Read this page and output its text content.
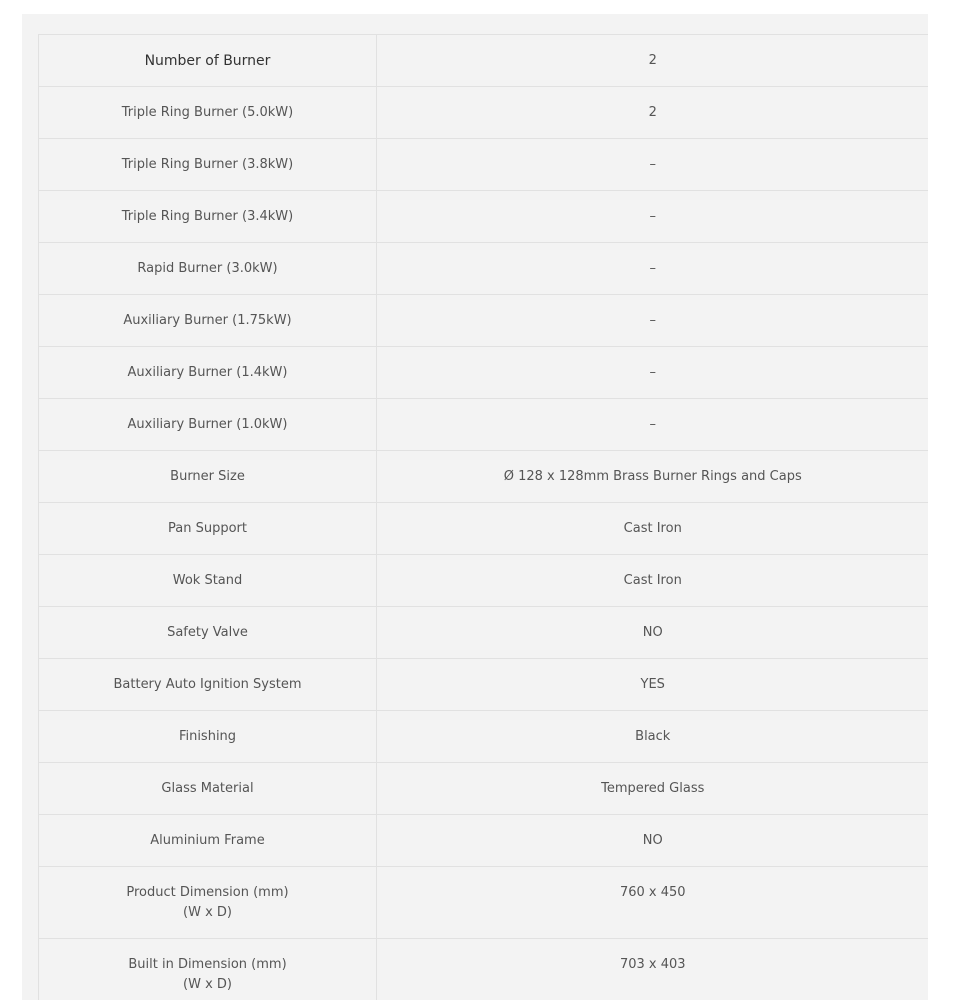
Number of Burner	2
Triple Ring Burner (5.0kW)	2
Triple Ring Burner (3.8kW)	–
Triple Ring Burner (3.4kW)	–
Rapid Burner (3.0kW)	–
Auxiliary Burner (1.75kW)	–
Auxiliary Burner (1.4kW)	–
Auxiliary Burner (1.0kW)	–
Burner Size	Ø 128 x 128mm Brass Burner Rings and Caps
Pan Support	Cast Iron
Wok Stand	Cast Iron
Safety Valve	NO
Battery Auto Ignition System	YES
Finishing	Black
Glass Material	Tempered Glass
Aluminium Frame	NO

Product Dimension (mm)
(W x D)	760 x 450

Built in Dimension (mm)
(W x D)	703 x 403
